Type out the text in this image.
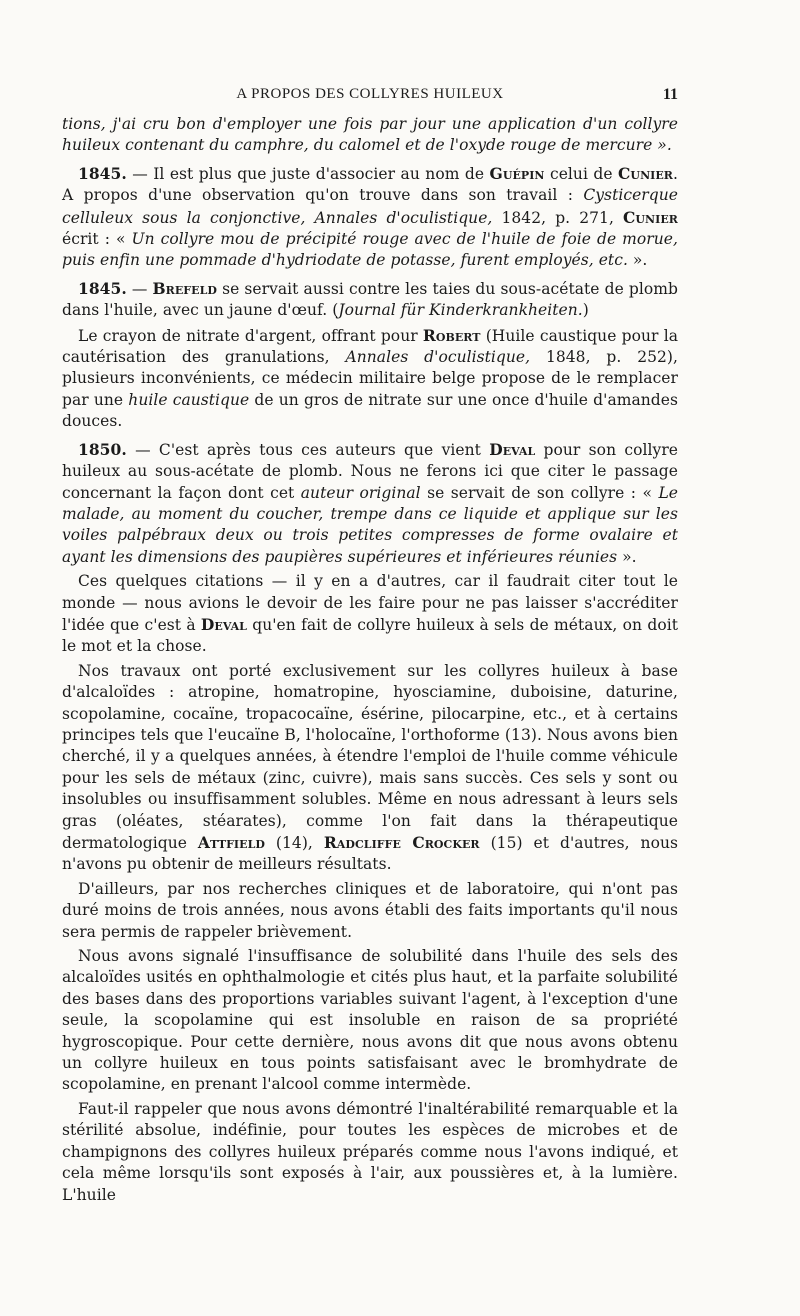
A PROPOS DES COLLYRES HUILEUX	11

tions, j'ai cru bon d'employer une fois par jour une application d'un collyre huileux contenant du camphre, du calomel et de l'oxyde rouge de mercure ».

1845. — Il est plus que juste d'associer au nom de Guépin celui de Cunier. A propos d'une observation qu'on trouve dans son travail : Cysticerque celluleux sous la conjonctive, Annales d'oculistique, 1842, p. 271, Cunier écrit : « Un collyre mou de précipité rouge avec de l'huile de foie de morue, puis enfin une pommade d'hydriodate de potasse, furent employés, etc. ».

1845. — Brefeld se servait aussi contre les taies du sous-acétate de plomb dans l'huile, avec un jaune d'œuf. (Journal für Kinderkrankheiten.)

Le crayon de nitrate d'argent, offrant pour Robert (Huile caustique pour la cautérisation des granulations, Annales d'oculistique, 1848, p. 252), plusieurs inconvénients, ce médecin militaire belge propose de le remplacer par une huile caustique de un gros de nitrate sur une once d'huile d'amandes douces.

1850. — C'est après tous ces auteurs que vient Deval pour son collyre huileux au sous-acétate de plomb. Nous ne ferons ici que citer le passage concernant la façon dont cet auteur original se servait de son collyre : « Le malade, au moment du coucher, trempe dans ce liquide et applique sur les voiles palpébraux deux ou trois petites compresses de forme ovalaire et ayant les dimensions des paupières supérieures et inférieures réunies ».

Ces quelques citations — il y en a d'autres, car il faudrait citer tout le monde — nous avions le devoir de les faire pour ne pas laisser s'accréditer l'idée que c'est à Deval qu'en fait de collyre huileux à sels de métaux, on doit le mot et la chose.

Nos travaux ont porté exclusivement sur les collyres huileux à base d'alcaloïdes : atropine, homatropine, hyosciamine, duboisine, daturine, scopolamine, cocaïne, tropacocaïne, ésérine, pilocarpine, etc., et à certains principes tels que l'eucaïne B, l'holocaïne, l'orthoforme (13). Nous avons bien cherché, il y a quelques années, à étendre l'emploi de l'huile comme véhicule pour les sels de métaux (zinc, cuivre), mais sans succès. Ces sels y sont ou insolubles ou insuffisamment solubles. Même en nous adressant à leurs sels gras (oléates, stéarates), comme l'on fait dans la thérapeutique dermatologique Attfield (14), Radcliffe Crocker (15) et d'autres, nous n'avons pu obtenir de meilleurs résultats.

D'ailleurs, par nos recherches cliniques et de laboratoire, qui n'ont pas duré moins de trois années, nous avons établi des faits importants qu'il nous sera permis de rappeler brièvement.

Nous avons signalé l'insuffisance de solubilité dans l'huile des sels des alcaloïdes usités en ophthalmologie et cités plus haut, et la parfaite solubilité des bases dans des proportions variables suivant l'agent, à l'exception d'une seule, la scopolamine qui est insoluble en raison de sa propriété hygroscopique. Pour cette dernière, nous avons dit que nous avons obtenu un collyre huileux en tous points satisfaisant avec le bromhydrate de scopolamine, en prenant l'alcool comme intermède.

Faut-il rappeler que nous avons démontré l'inaltérabilité remarquable et la stérilité absolue, indéfinie, pour toutes les espèces de microbes et de champignons des collyres huileux préparés comme nous l'avons indiqué, et cela même lorsqu'ils sont exposés à l'air, aux poussières et, à la lumière. L'huile
